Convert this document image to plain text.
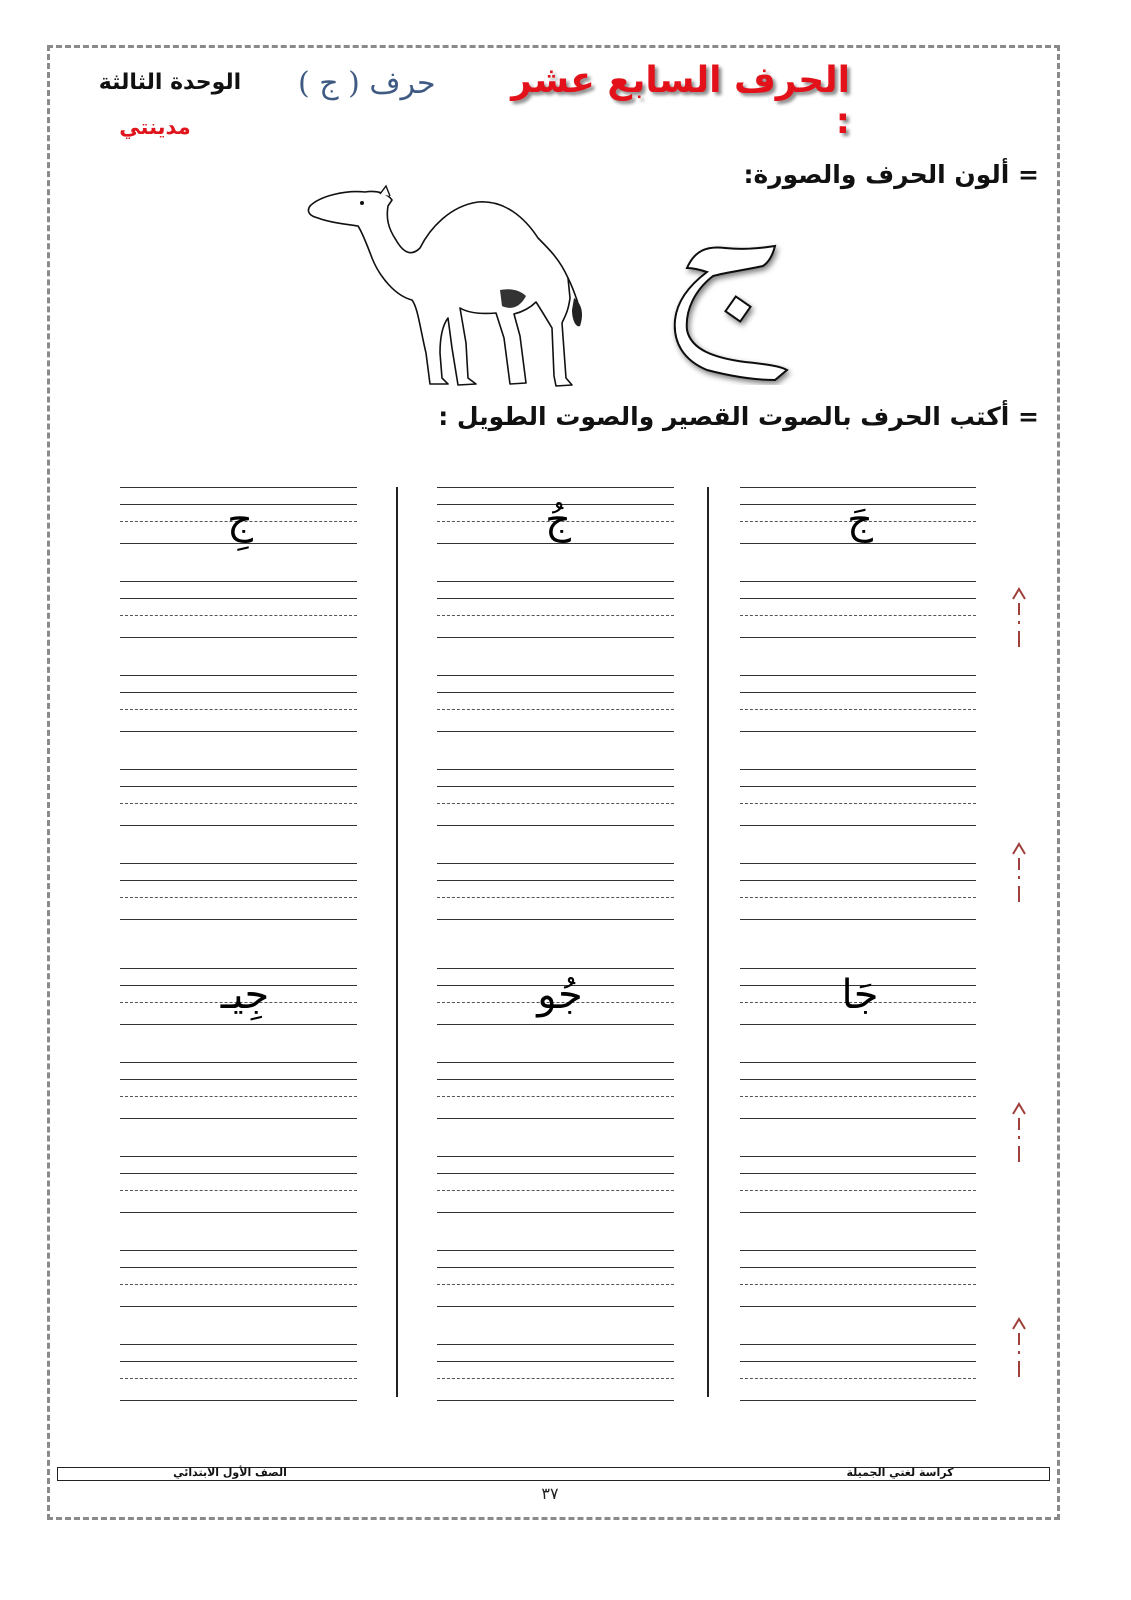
الوحدة الثالثة
مدينتي
حرف ( ج )	الحرف السابع عشر :
= ألون الحرف والصورة:
= أكتب الحرف بالصوت القصير والصوت الطويل :
جَ
جُ
جِ
جَا
جُو
جِيـ
الصف الأول الابتدائي	كراسة لغتي الجميلة
٣٧
